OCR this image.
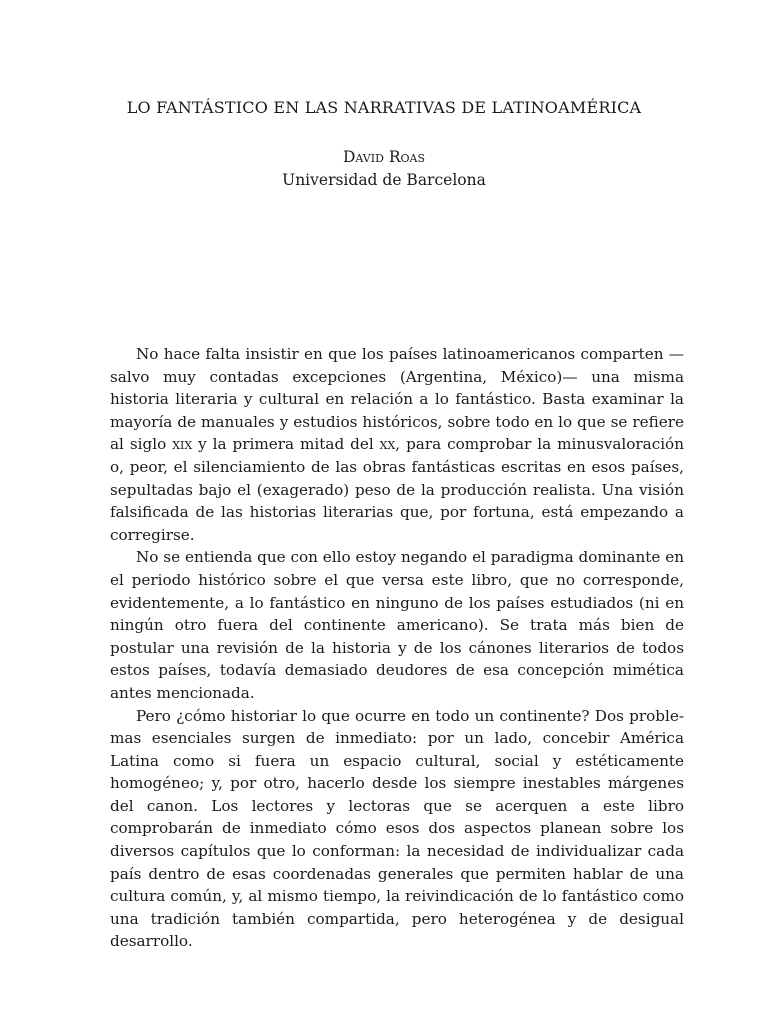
LO FANTÁSTICO EN LAS NARRATIVAS DE LATINOAMÉRICA
David Roas
Universidad de Barcelona

No hace falta insistir en que los países latinoamericanos comparten —salvo muy contadas excepciones (Argentina, México)— una misma historia literaria y cultural en relación a lo fantástico. Basta examinar la mayoría de manuales y estudios históricos, sobre todo en lo que se refiere al siglo xix y la primera mitad del xx, para comprobar la minusvaloración o, peor, el silenciamiento de las obras fantásticas escritas en esos países, sepultadas bajo el (exagerado) peso de la producción realista. Una visión falsificada de las historias literarias que, por fortuna, está empezando a corregirse.

No se entienda que con ello estoy negando el paradigma dominante en el periodo histórico sobre el que versa este libro, que no corresponde, evidentemente, a lo fantástico en ninguno de los países estudiados (ni en ningún otro fuera del continente americano). Se trata más bien de postular una revisión de la historia y de los cánones literarios de todos estos países, todavía demasiado deudores de esa concepción mimética antes mencionada.

Pero ¿cómo historiar lo que ocurre en todo un continente? Dos problemas esenciales surgen de inmediato: por un lado, concebir América Latina como si fuera un espacio cultural, social y estéticamente homogéneo; y, por otro, hacerlo desde los siempre inestables márgenes del canon. Los lectores y lectoras que se acerquen a este libro comprobarán de inmediato cómo esos dos aspectos planean sobre los diversos capítulos que lo conforman: la necesidad de individualizar cada país dentro de esas coordenadas generales que permiten hablar de una cultura común, y, al mismo tiempo, la reivindicación de lo fantástico como una tradición también compartida, pero heterogénea y de desigual desarrollo.
